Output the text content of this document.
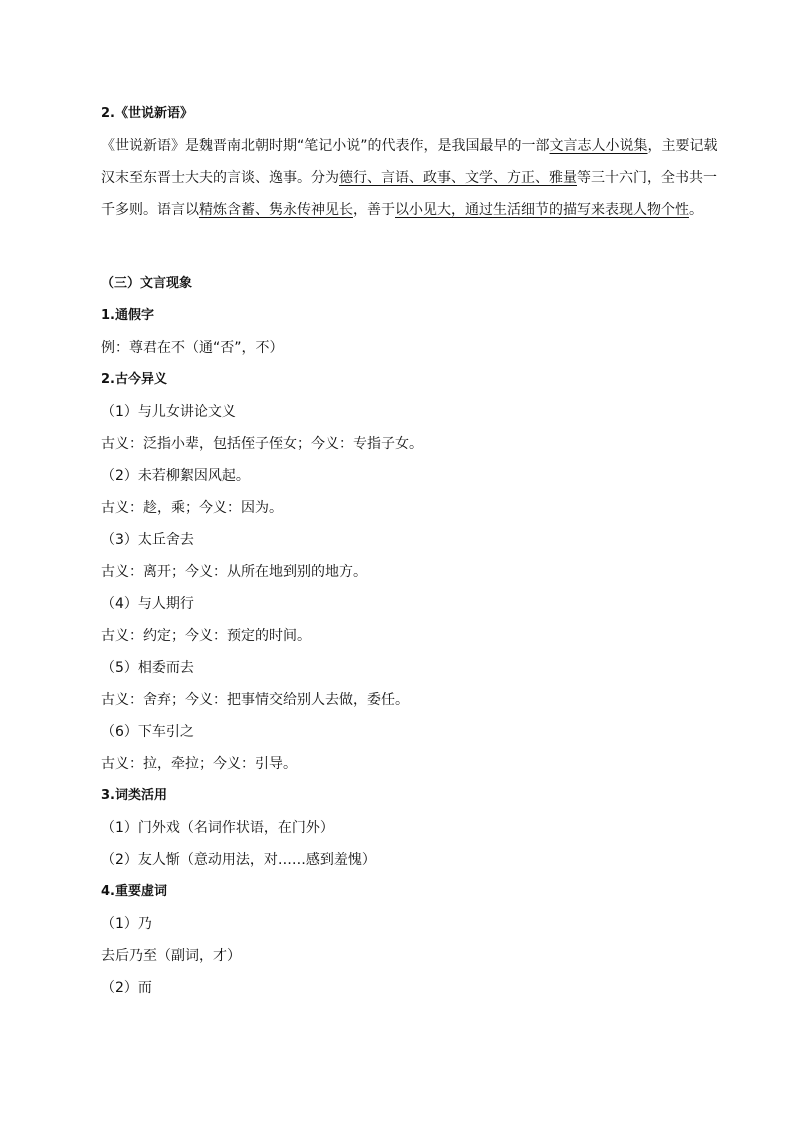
2.《世说新语》
《世说新语》是魏晋南北朝时期“笔记小说”的代表作，是我国最早的一部文言志人小说集，主要记载汉末至东晋士大夫的言谈、逸事。分为德行、言语、政事、文学、方正、雅量等三十六门，全书共一千多则。语言以精炼含蓄、隽永传神见长，善于以小见大，通过生活细节的描写来表现人物个性。
（三）文言现象
1.通假字
例：尊君在不（通“否”，不）
2.古今异义
（1）与儿女讲论文义
古义：泛指小辈，包括侄子侄女；今义：专指子女。
（2）未若柳絮因风起。
古义：趁，乘；今义：因为。
（3）太丘舍去
古义：离开；今义：从所在地到别的地方。
（4）与人期行
古义：约定；今义：预定的时间。
（5）相委而去
古义：舍弃；今义：把事情交给别人去做，委任。
（6）下车引之
古义：拉，牵拉；今义：引导。
3.词类活用
（1）门外戏（名词作状语，在门外）
（2）友人惭（意动用法，对……感到羞愧）
4.重要虚词
（1）乃
去后乃至（副词，才）
（2）而
